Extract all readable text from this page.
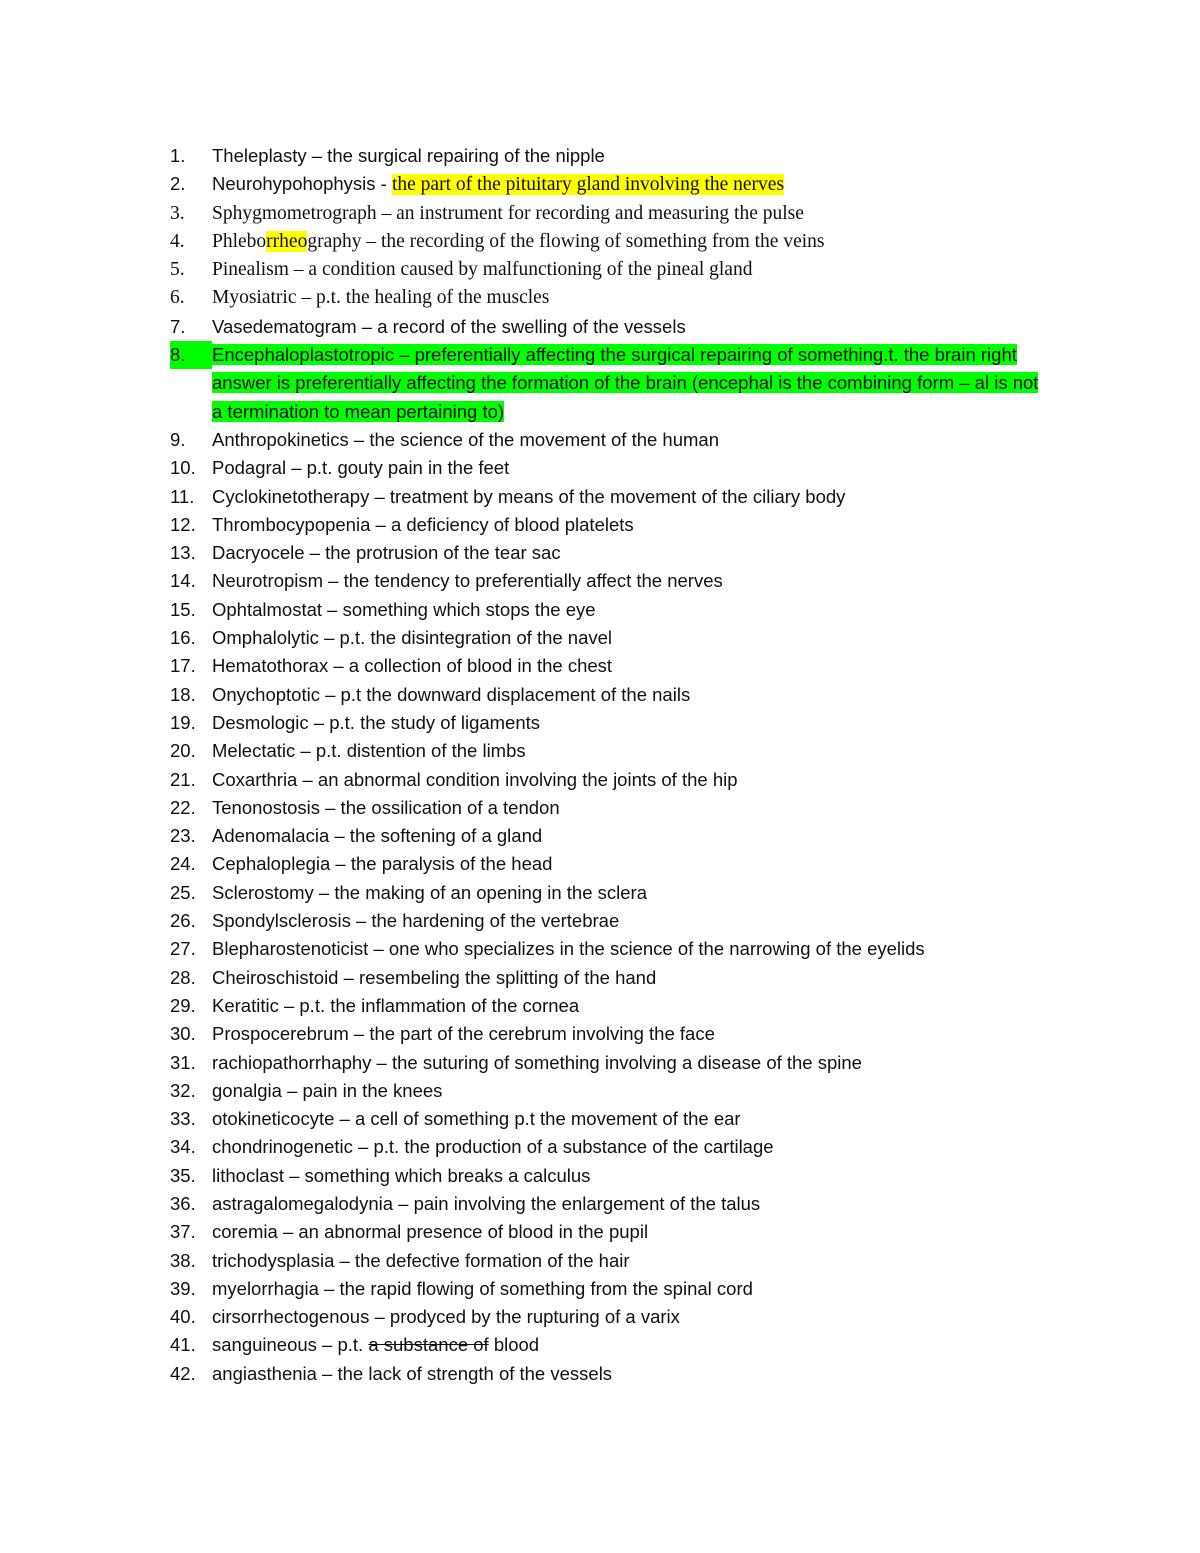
1.	Theleplasty – the surgical repairing of the nipple
2.	Neurohypohophysis - the part of the pituitary gland involving the nerves
3.	Sphygmometrograph – an instrument for recording and measuring the pulse
4.	Phleborrheography – the recording of the flowing of something from the veins
5.	Pinealism – a condition caused by malfunctioning of the pineal gland
6.	Myosiatric – p.t. the healing of the muscles
7.	Vasedematogram – a record of the swelling of the vessels
8.	Encephaloplastotropic – preferentially affecting the surgical repairing of something.t. the brain right answer is preferentially affecting the formation of the brain (encephal is the combining form – al is not a termination to mean pertaining to)
9.	Anthropokinetics – the science of the movement of the human
10. Podagral – p.t. gouty pain in the feet
11. Cyclokinetotherapy – treatment by means of the movement of the ciliary body
12. Thrombocypopenia – a deficiency of blood platelets
13. Dacryocele – the protrusion of the tear sac
14. Neurotropism – the tendency to preferentially affect the nerves
15. Ophtalmostat – something which stops the eye
16. Omphalolytic – p.t. the disintegration of the navel
17. Hematothorax – a collection of blood in the chest
18. Onychoptotic – p.t the downward displacement of the nails
19. Desmologic – p.t. the study of ligaments
20. Melectatic – p.t. distention of the limbs
21. Coxarthria – an abnormal condition involving the joints of the hip
22. Tenonostosis – the ossilication of a tendon
23. Adenomalacia – the softening of a gland
24. Cephaloplegia – the paralysis of the head
25. Sclerostomy – the making of an opening in the sclera
26. Spondylsclerosis – the hardening of the vertebrae
27. Blepharostenoticist – one who specializes in the science of the narrowing of the eyelids
28. Cheiroschistoid – resembeling the splitting of the hand
29. Keratitic – p.t. the inflammation of the cornea
30. Prospocerebrum – the part of the cerebrum involving the face
31. rachiopathorrhaphy – the suturing of something involving a disease of the spine
32. gonalgia – pain in the knees
33. otokineticocyte – a cell of something p.t the movement of the ear
34. chondrinogenetic – p.t. the production of a substance of the cartilage
35. lithoclast – something which breaks a calculus
36. astragalomegalodynia – pain involving the enlargement of the talus
37. coremia – an abnormal presence of blood in the pupil
38. trichodysplasia – the defective formation of the hair
39. myelorrhagia – the rapid flowing of something from the spinal cord
40. cirsorrhectogenous – prodyced by the rupturing of a varix
41. sanguineous – p.t. a substance of blood
42. angiasthenia – the lack of strength of the vessels
